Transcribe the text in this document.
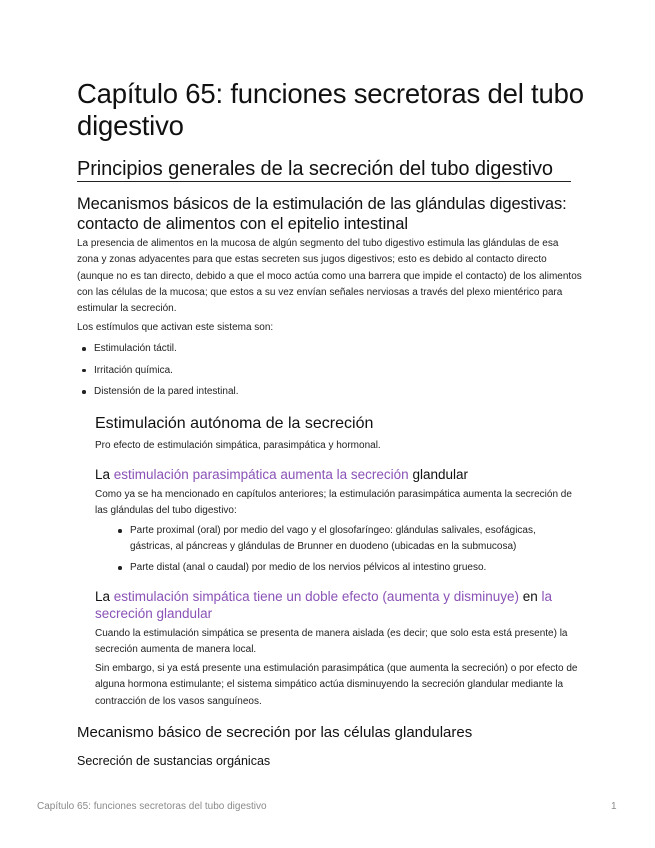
Capítulo 65: funciones secretoras del tubo digestivo
Principios generales de la secreción del tubo digestivo
Mecanismos básicos de la estimulación de las glándulas digestivas: contacto de alimentos con el epitelio intestinal

La presencia de alimentos en la mucosa de algún segmento del tubo digestivo estimula las glándulas de esa zona y zonas adyacentes para que estas secreten sus jugos digestivos; esto es debido al contacto directo (aunque no es tan directo, debido a que el moco actúa como una barrera que impide el contacto) de los alimentos con las células de la mucosa; que estos a su vez envían señales nerviosas a través del plexo mientérico para estimular la secreción.

Los estímulos que activan este sistema son:

Estimulación táctil.
Irritación química.
Distensión de la pared intestinal.
Estimulación autónoma de la secreción

Pro efecto de estimulación simpática, parasimpática y hormonal.

La estimulación parasimpática aumenta la secreción glandular

Como ya se ha mencionado en capítulos anteriores; la estimulación parasimpática aumenta la secreción de las glándulas del tubo digestivo:

Parte proximal (oral) por medio del vago y el glosofaríngeo: glándulas salivales, esofágicas, gástricas, al páncreas y glándulas de Brunner en duodeno (ubicadas en la submucosa)
Parte distal (anal o caudal) por medio de los nervios pélvicos al intestino grueso.
La estimulación simpática tiene un doble efecto (aumenta y disminuye) en la secreción glandular

Cuando la estimulación simpática se presenta de manera aislada (es decir; que solo esta está presente) la secreción aumenta de manera local.

Sin embargo, si ya está presente una estimulación parasimpática (que aumenta la secreción) o por efecto de alguna hormona estimulante; el sistema simpático actúa disminuyendo la secreción glandular mediante la contracción de los vasos sanguíneos.

Mecanismo básico de secreción por las células glandulares
Secreción de sustancias orgánicas
Capítulo 65: funciones secretoras del tubo digestivo	1
